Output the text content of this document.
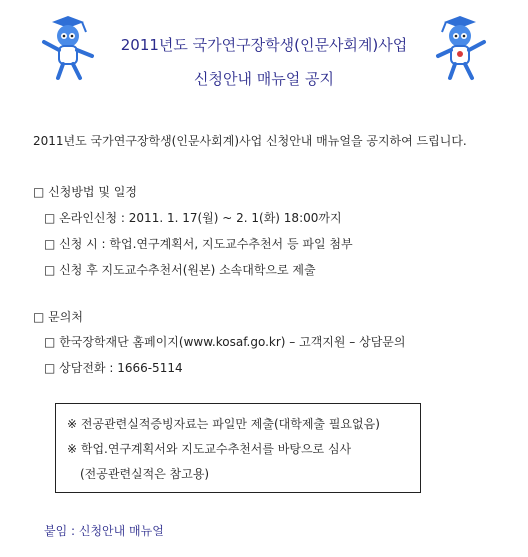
2011년도 국가연구장학생(인문사회계)사업
신청안내 매뉴얼 공지
2011년도 국가연구장학생(인문사회계)사업 신청안내 매뉴얼을 공지하여 드립니다.
□ 신청방법 및 일정
□ 온라인신청 : 2011. 1. 17(월) ~ 2. 1(화) 18:00까지
□ 신청 시 : 학업.연구계획서, 지도교수추천서 등 파일 첨부
□ 신청 후 지도교수추천서(원본) 소속대학으로 제출
□ 문의처
□ 한국장학재단 홈페이지(www.kosaf.go.kr) – 고객지원 – 상담문의
□ 상담전화 : 1666-5114
※ 전공관련실적증빙자료는 파일만 제출(대학제출 필요없음)
※ 학업.연구계획서와 지도교수추천서를 바탕으로 심사
(전공관련실적은 참고용)
붙임 : 신청안내 매뉴얼
